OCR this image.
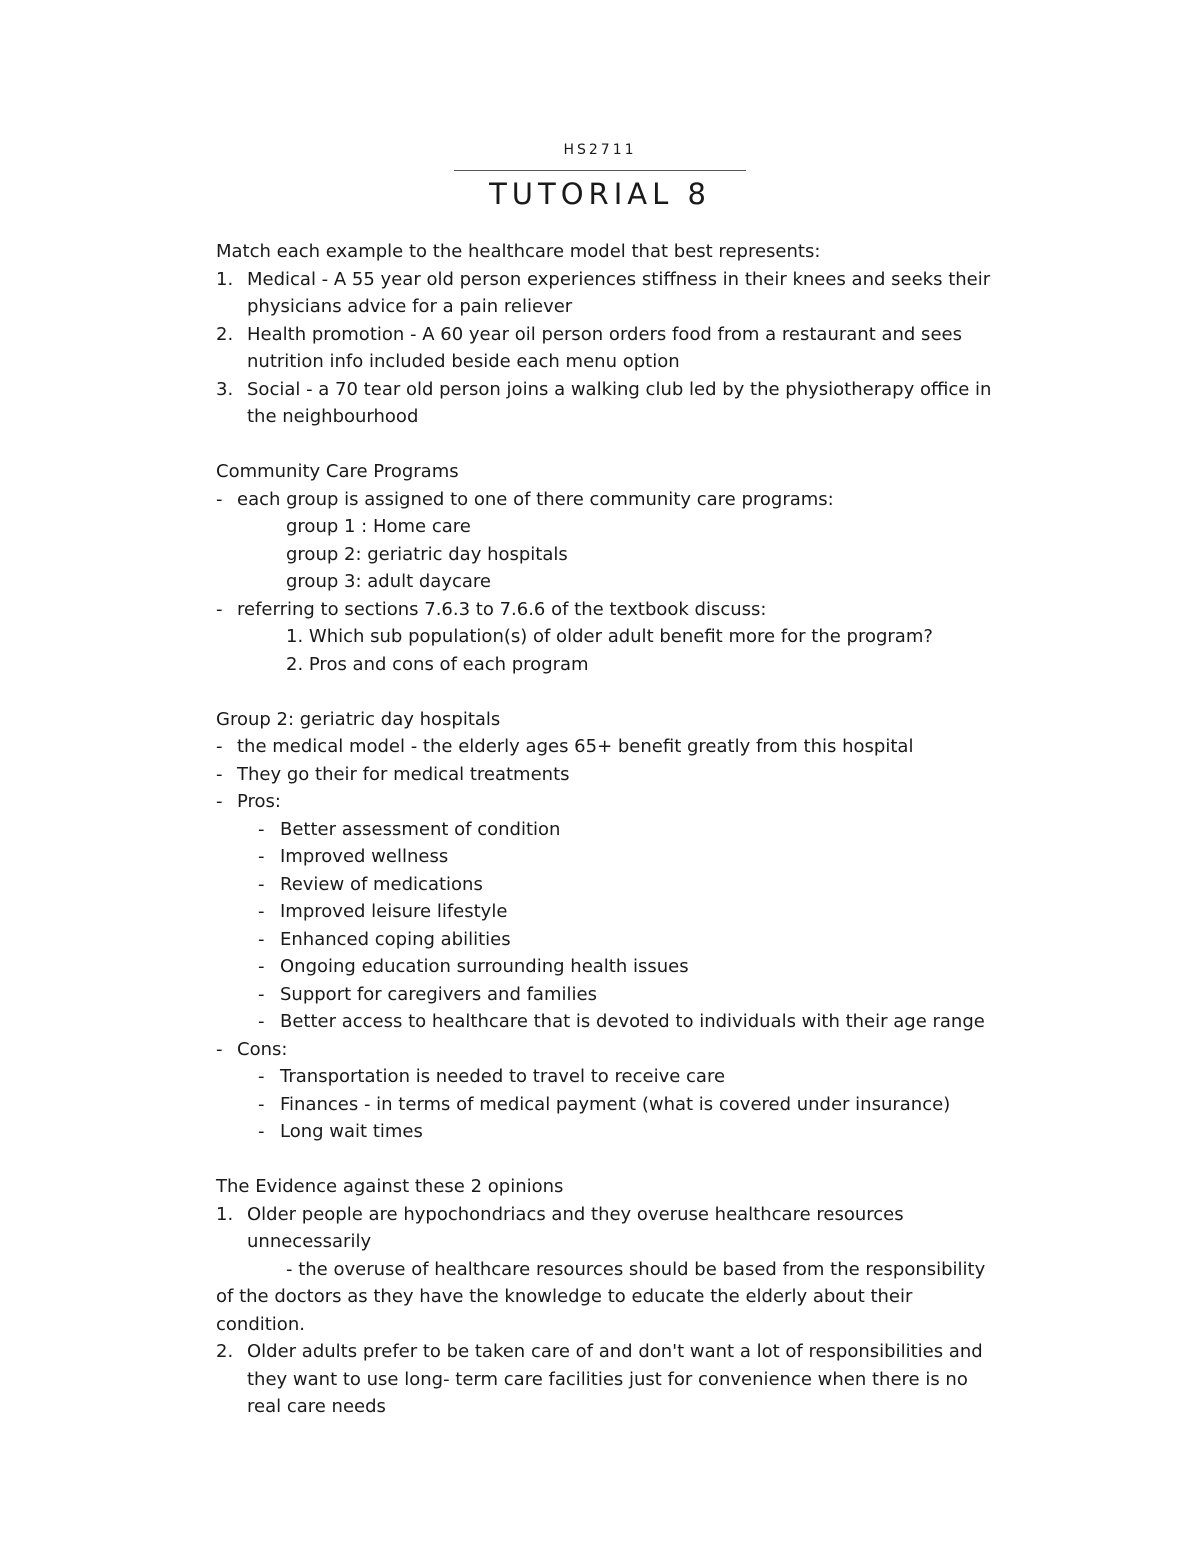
HS2711
TUTORIAL 8
Match each example to the healthcare model that best represents:
1. Medical - A 55 year old person experiences stiffness in their knees and seeks their
physicians advice for a pain reliever
2. Health promotion - A 60 year oil person orders food from a restaurant and sees
nutrition info included beside each menu option
3. Social - a 70 tear old person joins a walking club led by the physiotherapy office in
the neighbourhood
Community Care Programs
- each group is assigned to one of there community care programs:
group 1 : Home care
group 2: geriatric day hospitals
group 3: adult daycare
- referring to sections 7.6.3 to 7.6.6 of the textbook discuss:
1. Which sub population(s) of older adult benefit more for the program?
2. Pros and cons of each program
Group 2: geriatric day hospitals
- the medical model - the elderly ages 65+ benefit greatly from this hospital
- They go their for medical treatments
- Pros:
- Better assessment of condition
- Improved wellness
- Review of medications
- Improved leisure lifestyle
- Enhanced coping abilities
- Ongoing education surrounding health issues
- Support for caregivers and families
- Better access to healthcare that is devoted to individuals with their age range
- Cons:
- Transportation is needed to travel to receive care
- Finances - in terms of medical payment (what is covered under insurance)
- Long wait times
The Evidence against these 2 opinions
1. Older people are hypochondriacs and they overuse healthcare resources
unnecessarily
- the overuse of healthcare resources should be based from the responsibility
of the doctors as they have the knowledge to educate the elderly about their
condition.
2. Older adults prefer to be taken care of and don't want a lot of responsibilities and
they want to use long- term care facilities just for convenience when there is no
real care needs
